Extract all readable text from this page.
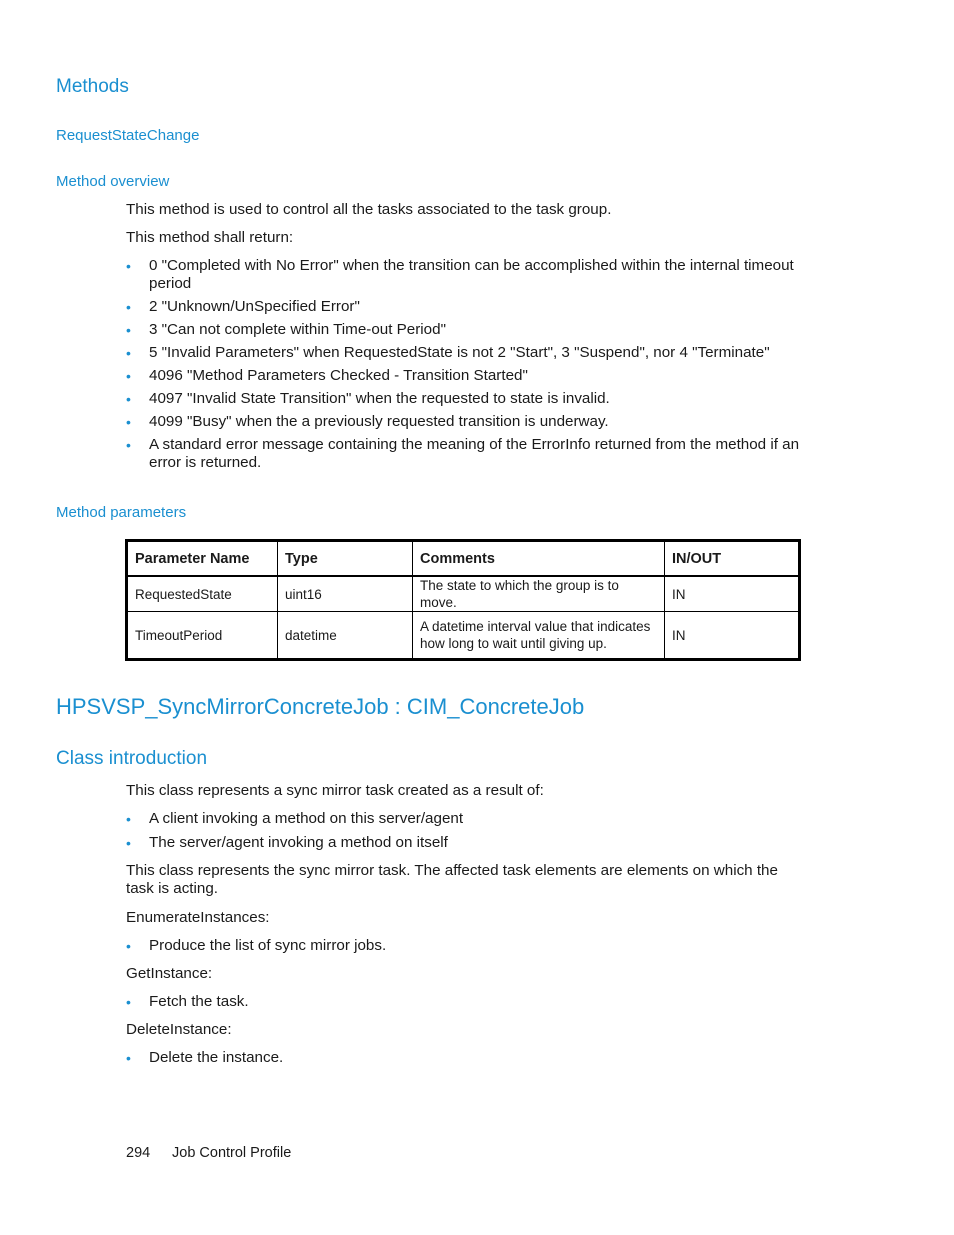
Methods
RequestStateChange
Method overview
This method is used to control all the tasks associated to the task group.
This method shall return:
• 0 "Completed with No Error" when the transition can be accomplished within the internal timeout period
• 2 "Unknown/UnSpecified Error"
• 3 "Can not complete within Time-out Period"
• 5 "Invalid Parameters" when RequestedState is not 2 "Start", 3 "Suspend", nor 4 "Terminate"
• 4096 "Method Parameters Checked - Transition Started"
• 4097 "Invalid State Transition" when the requested to state is invalid.
• 4099 "Busy" when the a previously requested transition is underway.
• A standard error message containing the meaning of the ErrorInfo returned from the method if an error is returned.
Method parameters
Parameter Name	Type	Comments	IN/OUT
RequestedState	uint16	The state to which the group is to move.	IN
TimeoutPeriod	datetime	A datetime interval value that indicates how long to wait until giving up.	IN
HPSVSP_SyncMirrorConcreteJob : CIM_ConcreteJob
Class introduction
This class represents a sync mirror task created as a result of:
• A client invoking a method on this server/agent
• The server/agent invoking a method on itself
This class represents the sync mirror task. The affected task elements are elements on which the task is acting.
EnumerateInstances:
• Produce the list of sync mirror jobs.
GetInstance:
• Fetch the task.
DeleteInstance:
• Delete the instance.
294 Job Control Profile
